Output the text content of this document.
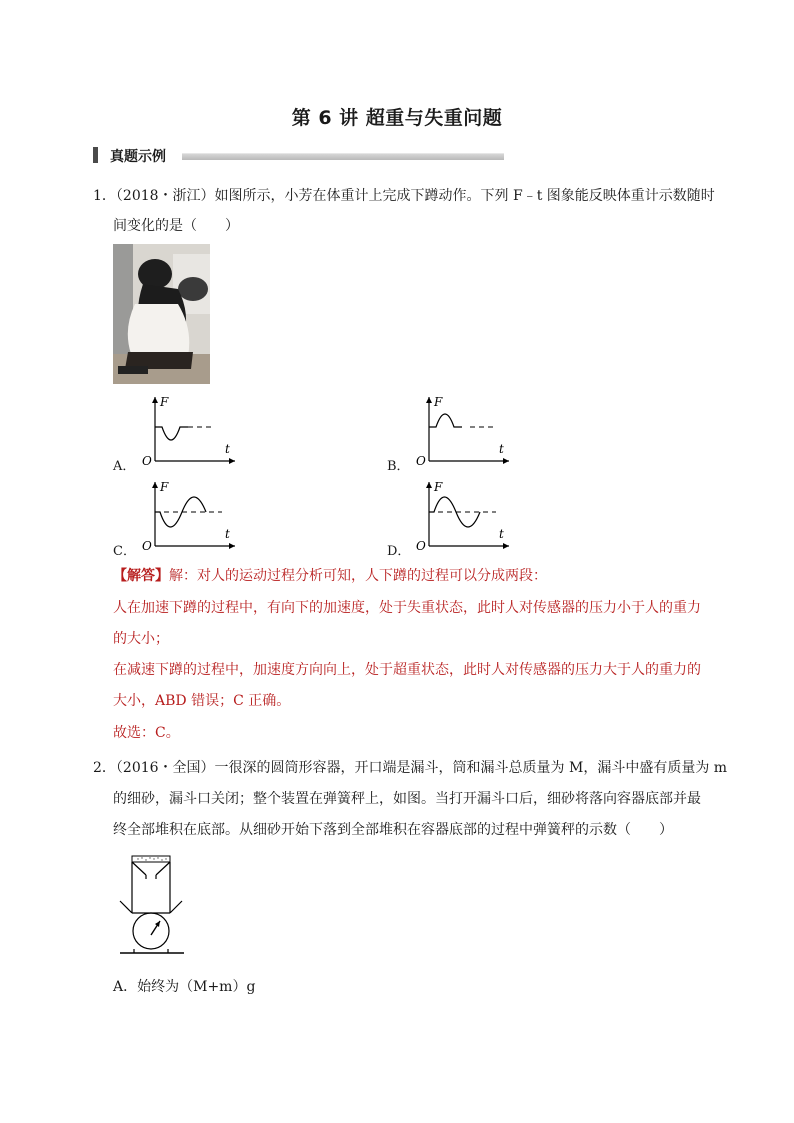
第 6 讲 超重与失重问题
真题示例
1．（2018・浙江）如图所示，小芳在体重计上完成下蹲动作。下列 F﹣t 图象能反映体重计示数随时
间变化的是（　　）
F
t
O
A．
F
t
O
B．
F
t
O
C．
F
t
O
D．
【解答】解：对人的运动过程分析可知，人下蹲的过程可以分成两段：
人在加速下蹲的过程中，有向下的加速度，处于失重状态，此时人对传感器的压力小于人的重力
的大小；
在减速下蹲的过程中，加速度方向向上，处于超重状态，此时人对传感器的压力大于人的重力的
大小，ABD 错误；C 正确。
故选：C。
2．（2016・全国）一很深的圆筒形容器，开口端是漏斗，筒和漏斗总质量为 M，漏斗中盛有质量为 m
的细砂，漏斗口关闭；整个装置在弹簧秤上，如图。当打开漏斗口后，细砂将落向容器底部并最
终全部堆积在底部。从细砂开始下落到全部堆积在容器底部的过程中弹簧秤的示数（　　）
A．始终为（M+m）g
